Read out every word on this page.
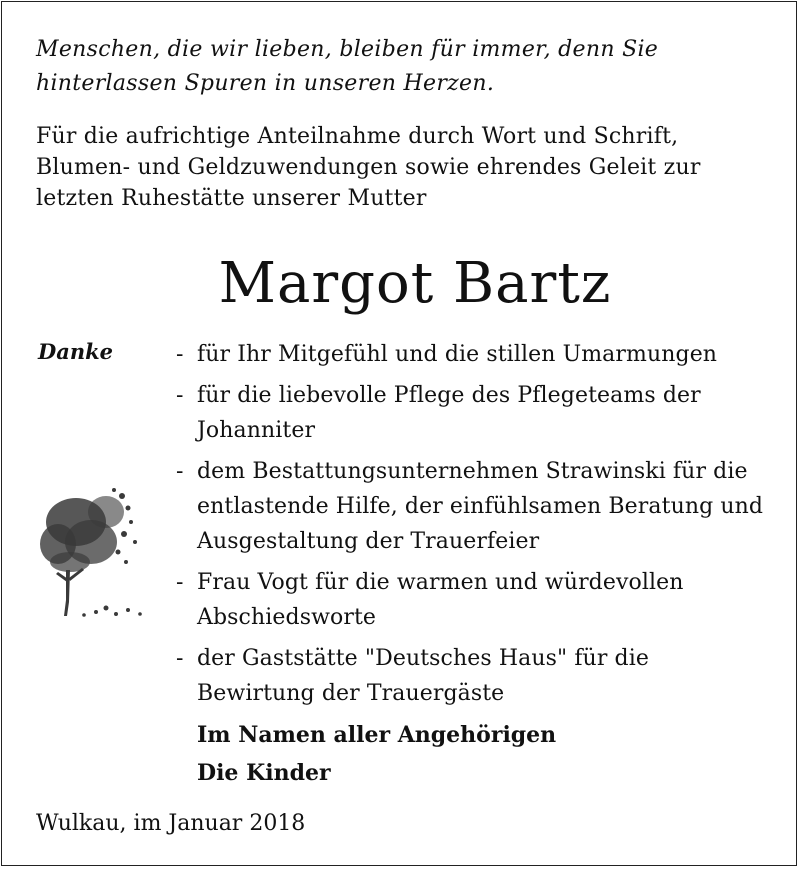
Menschen, die wir lieben, bleiben für immer, denn Sie
hinterlassen Spuren in unseren Herzen.
Für die aufrichtige Anteilnahme durch Wort und Schrift,
Blumen- und Geldzuwendungen sowie ehrendes Geleit zur
letzten Ruhestätte unserer Mutter
Margot Bartz
Danke	- für Ihr Mitgefühl und die stillen Umarmungen
- für die liebevolle Pflege des Pflegeteams der
Johanniter
- dem Bestattungsunternehmen Strawinski für die
entlastende Hilfe, der einfühlsamen Beratung und
Ausgestaltung der Trauerfeier
- Frau Vogt für die warmen und würdevollen
Abschiedsworte
- der Gaststätte "Deutsches Haus" für die
Bewirtung der Trauergäste
Im Namen aller Angehörigen
Die Kinder
Wulkau, im Januar 2018
